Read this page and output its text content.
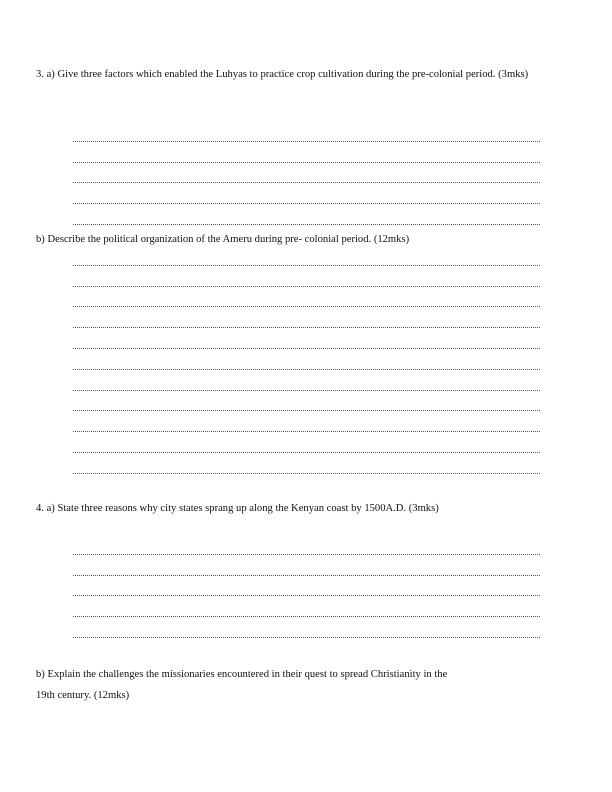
3. a) Give three factors which enabled the Luhyas to practice crop cultivation during the pre-colonial period. (3mks)

b) Describe the political organization of the Ameru during pre- colonial period. (12mks)

4. a) State three reasons why city states sprang up along the Kenyan coast by 1500A.D. (3mks)

b) Explain the challenges the missionaries encountered in their quest to spread Christianity in the

19th century. (12mks)
